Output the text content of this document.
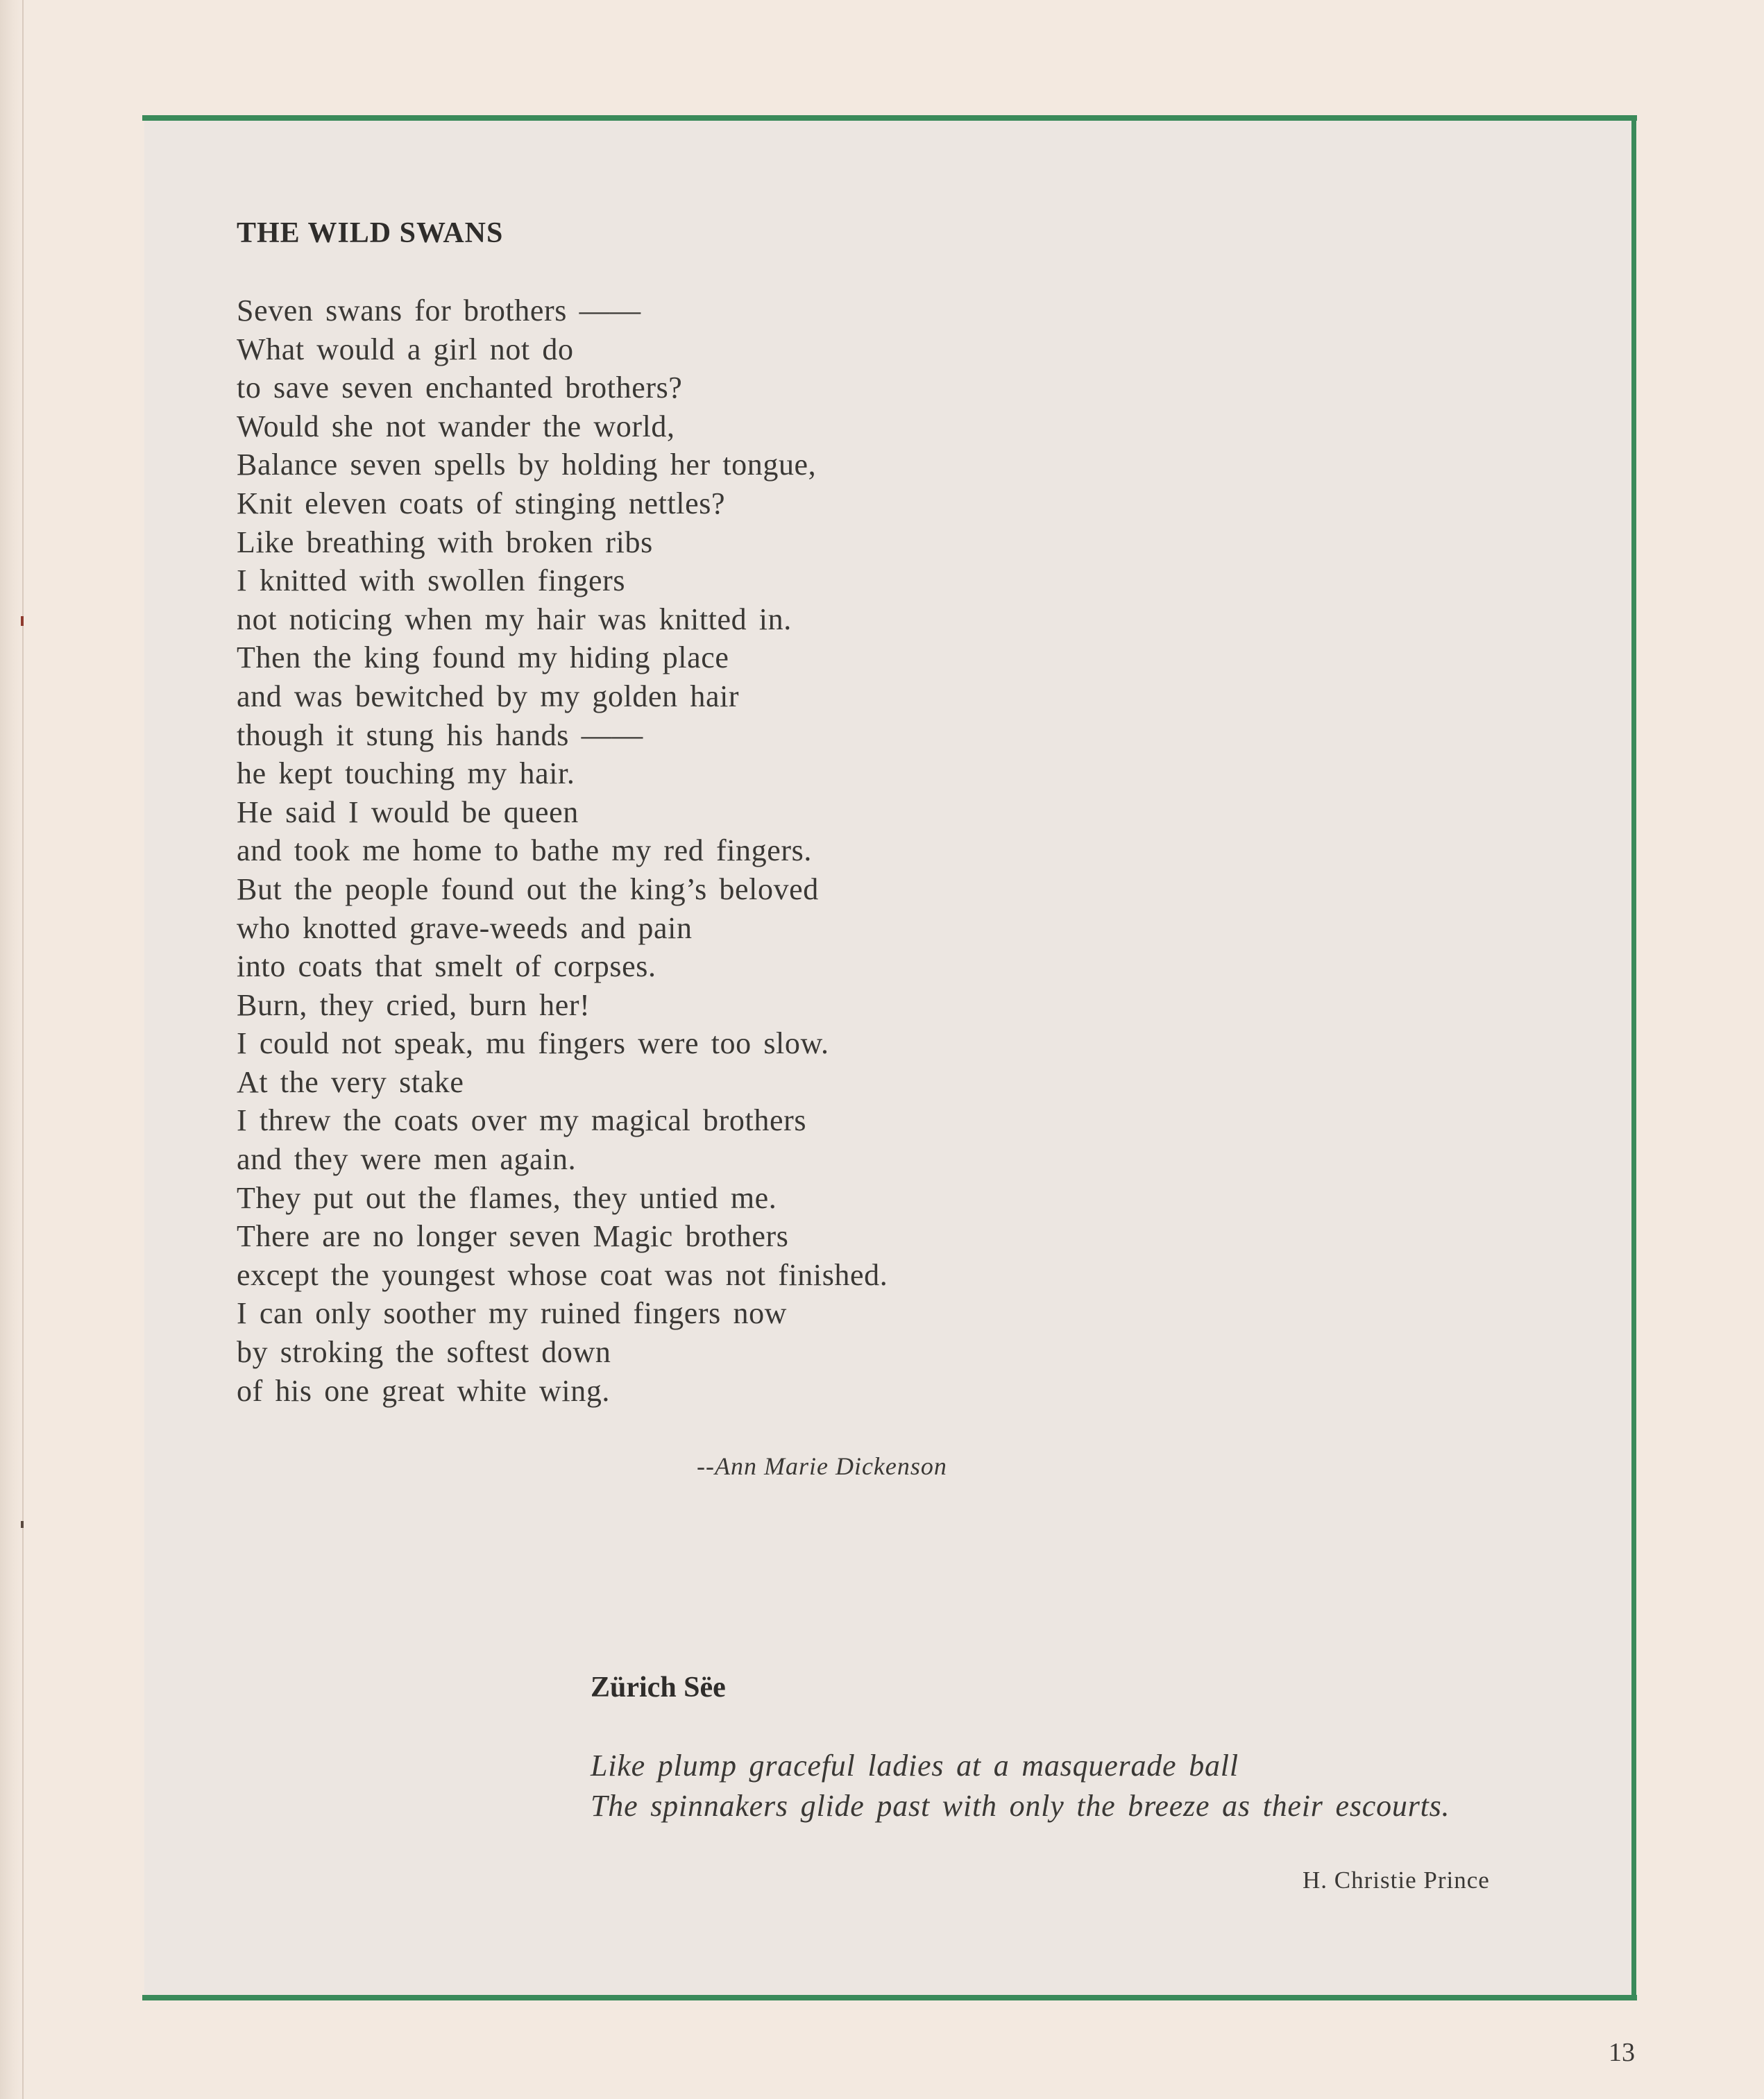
THE WILD SWANS
Seven swans for brothers ——
What would a girl not do
to save seven enchanted brothers?
Would she not wander the world,
Balance seven spells by holding her tongue,
Knit eleven coats of stinging nettles?
Like breathing with broken ribs
I knitted with swollen fingers
not noticing when my hair was knitted in.
Then the king found my hiding place
and was bewitched by my golden hair
though it stung his hands ——
he kept touching my hair.
He said I would be queen
and took me home to bathe my red fingers.
But the people found out the king’s beloved
who knotted grave-weeds and pain
into coats that smelt of corpses.
Burn, they cried, burn her!
I could not speak, mu fingers were too slow.
At the very stake
I threw the coats over my magical brothers
and they were men again.
They put out the flames, they untied me.
There are no longer seven Magic brothers
except the youngest whose coat was not finished.
I can only soother my ruined fingers now
by stroking the softest down
of his one great white wing.
--Ann Marie Dickenson
Zürich Sëe
Like plump graceful ladies at a masquerade ball
The spinnakers glide past with only the breeze as their escourts.
H. Christie Prince
13
